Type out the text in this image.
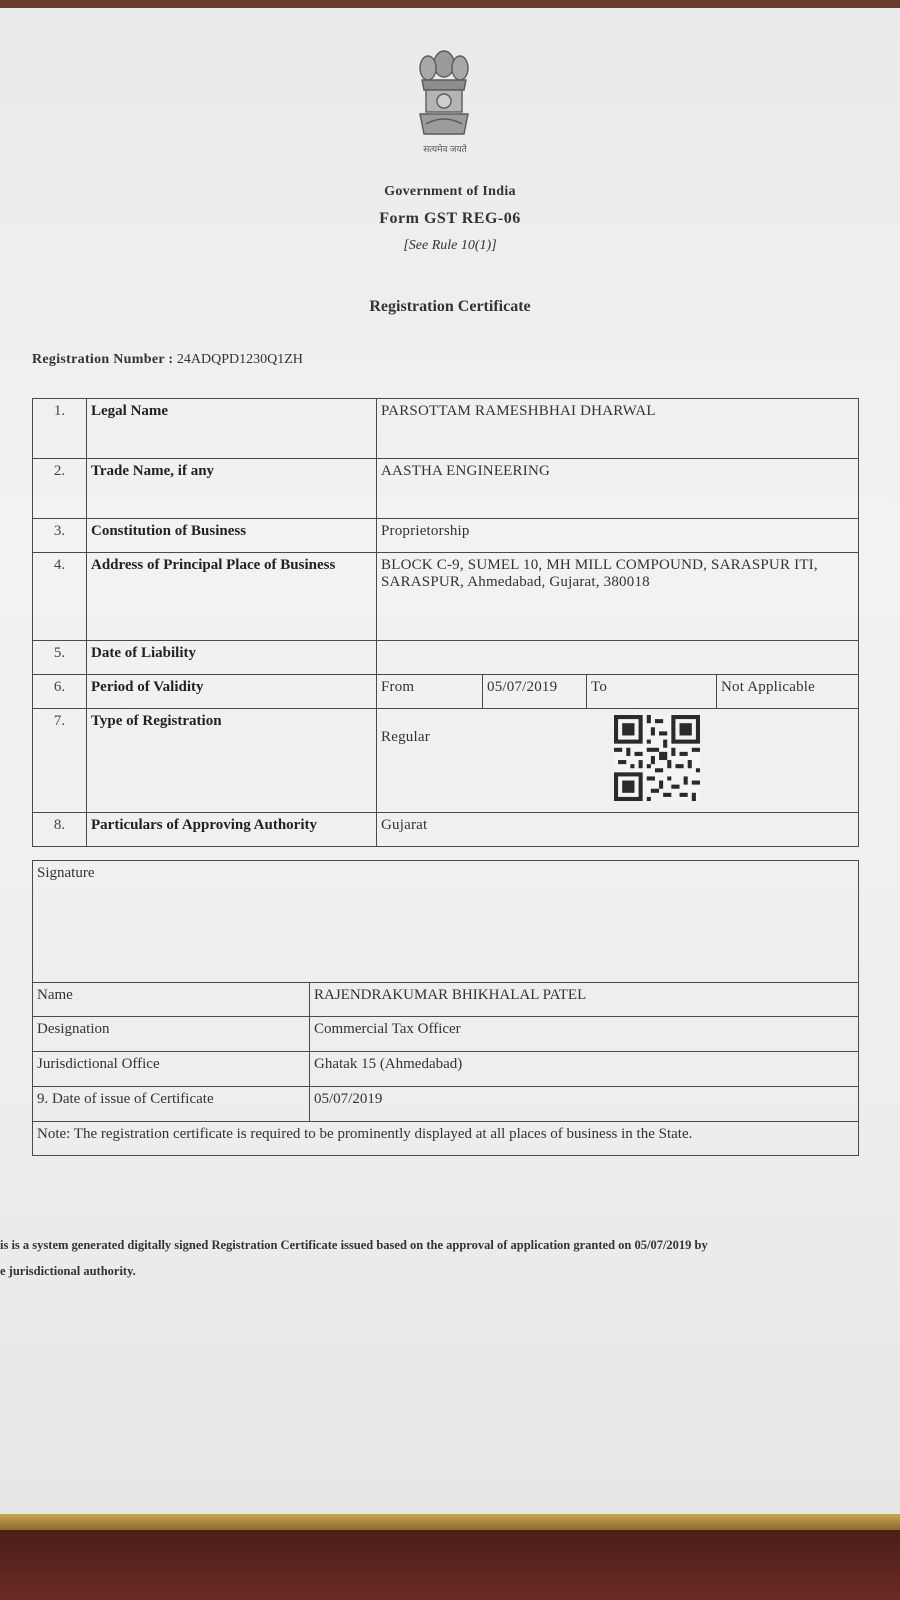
सत्यमेव जयते
Government of India
Form GST REG-06
[See Rule 10(1)]
Registration Certificate
Registration Number : 24ADQPD1230Q1ZH
1.	Legal Name	PARSOTTAM RAMESHBHAI DHARWAL			
2.	Trade Name, if any	AASTHA ENGINEERING			
3.	Constitution of Business	Proprietorship			
4.	Address of Principal Place of Business	BLOCK C-9, SUMEL 10, MH MILL COMPOUND, SARASPUR ITI, SARASPUR, Ahmedabad, Gujarat, 380018			
5.	Date of Liability				
6.	Period of Validity	From	05/07/2019	To	Not Applicable
7.	Type of Registration	Regular			

8.	Particulars of Approving Authority	Gujarat			
Signature	
Name	RAJENDRAKUMAR BHIKHALAL PATEL
Designation	Commercial Tax Officer
Jurisdictional Office	Ghatak 15 (Ahmedabad)
9. Date of issue of Certificate	05/07/2019
Note: The registration certificate is required to be prominently displayed at all places of business in the State.	
is is a system generated digitally signed Registration Certificate issued based on the approval of application granted on 05/07/2019 by
e jurisdictional authority.
